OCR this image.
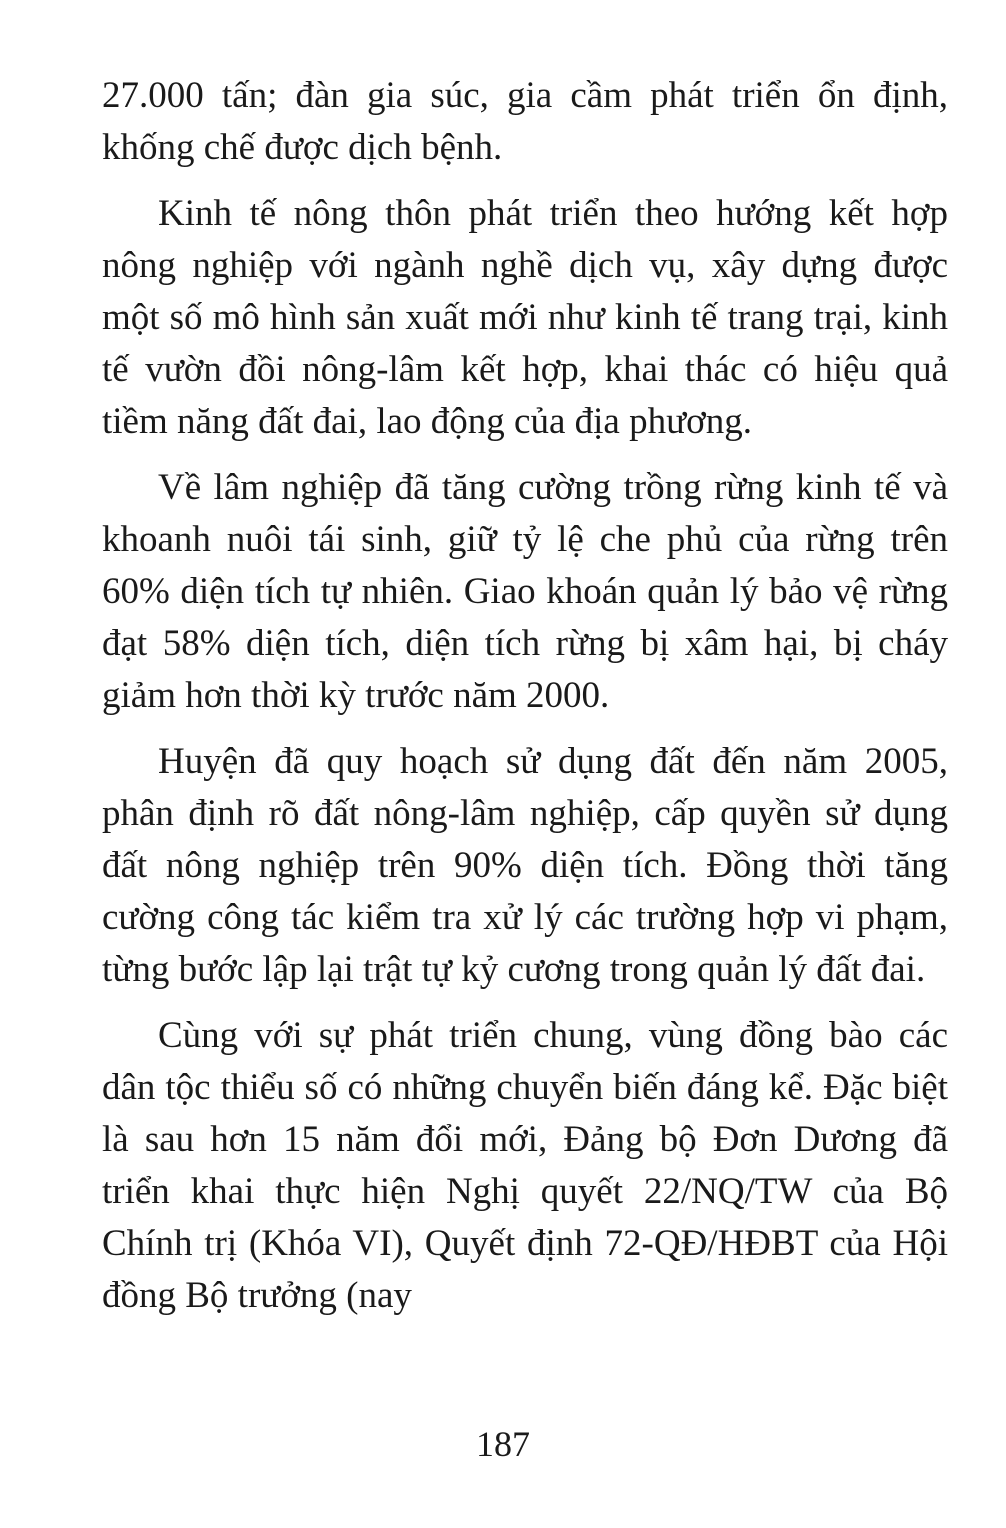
27.000 tấn; đàn gia súc, gia cầm phát triển ổn định, khống chế được dịch bệnh.

Kinh tế nông thôn phát triển theo hướng kết hợp nông nghiệp với ngành nghề dịch vụ, xây dựng được một số mô hình sản xuất mới như kinh tế trang trại, kinh tế vườn đồi nông-lâm kết hợp, khai thác có hiệu quả tiềm năng đất đai, lao động của địa phương.

Về lâm nghiệp đã tăng cường trồng rừng kinh tế và khoanh nuôi tái sinh, giữ tỷ lệ che phủ của rừng trên 60% diện tích tự nhiên. Giao khoán quản lý bảo vệ rừng đạt 58% diện tích, diện tích rừng bị xâm hại, bị cháy giảm hơn thời kỳ trước năm 2000.

Huyện đã quy hoạch sử dụng đất đến năm 2005, phân định rõ đất nông-lâm nghiệp, cấp quyền sử dụng đất nông nghiệp trên 90% diện tích. Đồng thời tăng cường công tác kiểm tra xử lý các trường hợp vi phạm, từng bước lập lại trật tự kỷ cương trong quản lý đất đai.

Cùng với sự phát triển chung, vùng đồng bào các dân tộc thiểu số có những chuyển biến đáng kể. Đặc biệt là sau hơn 15 năm đổi mới, Đảng bộ Đơn Dương đã triển khai thực hiện Nghị quyết 22/NQ/TW của Bộ Chính trị (Khóa VI), Quyết định 72-QĐ/HĐBT của Hội đồng Bộ trưởng (nay

187
